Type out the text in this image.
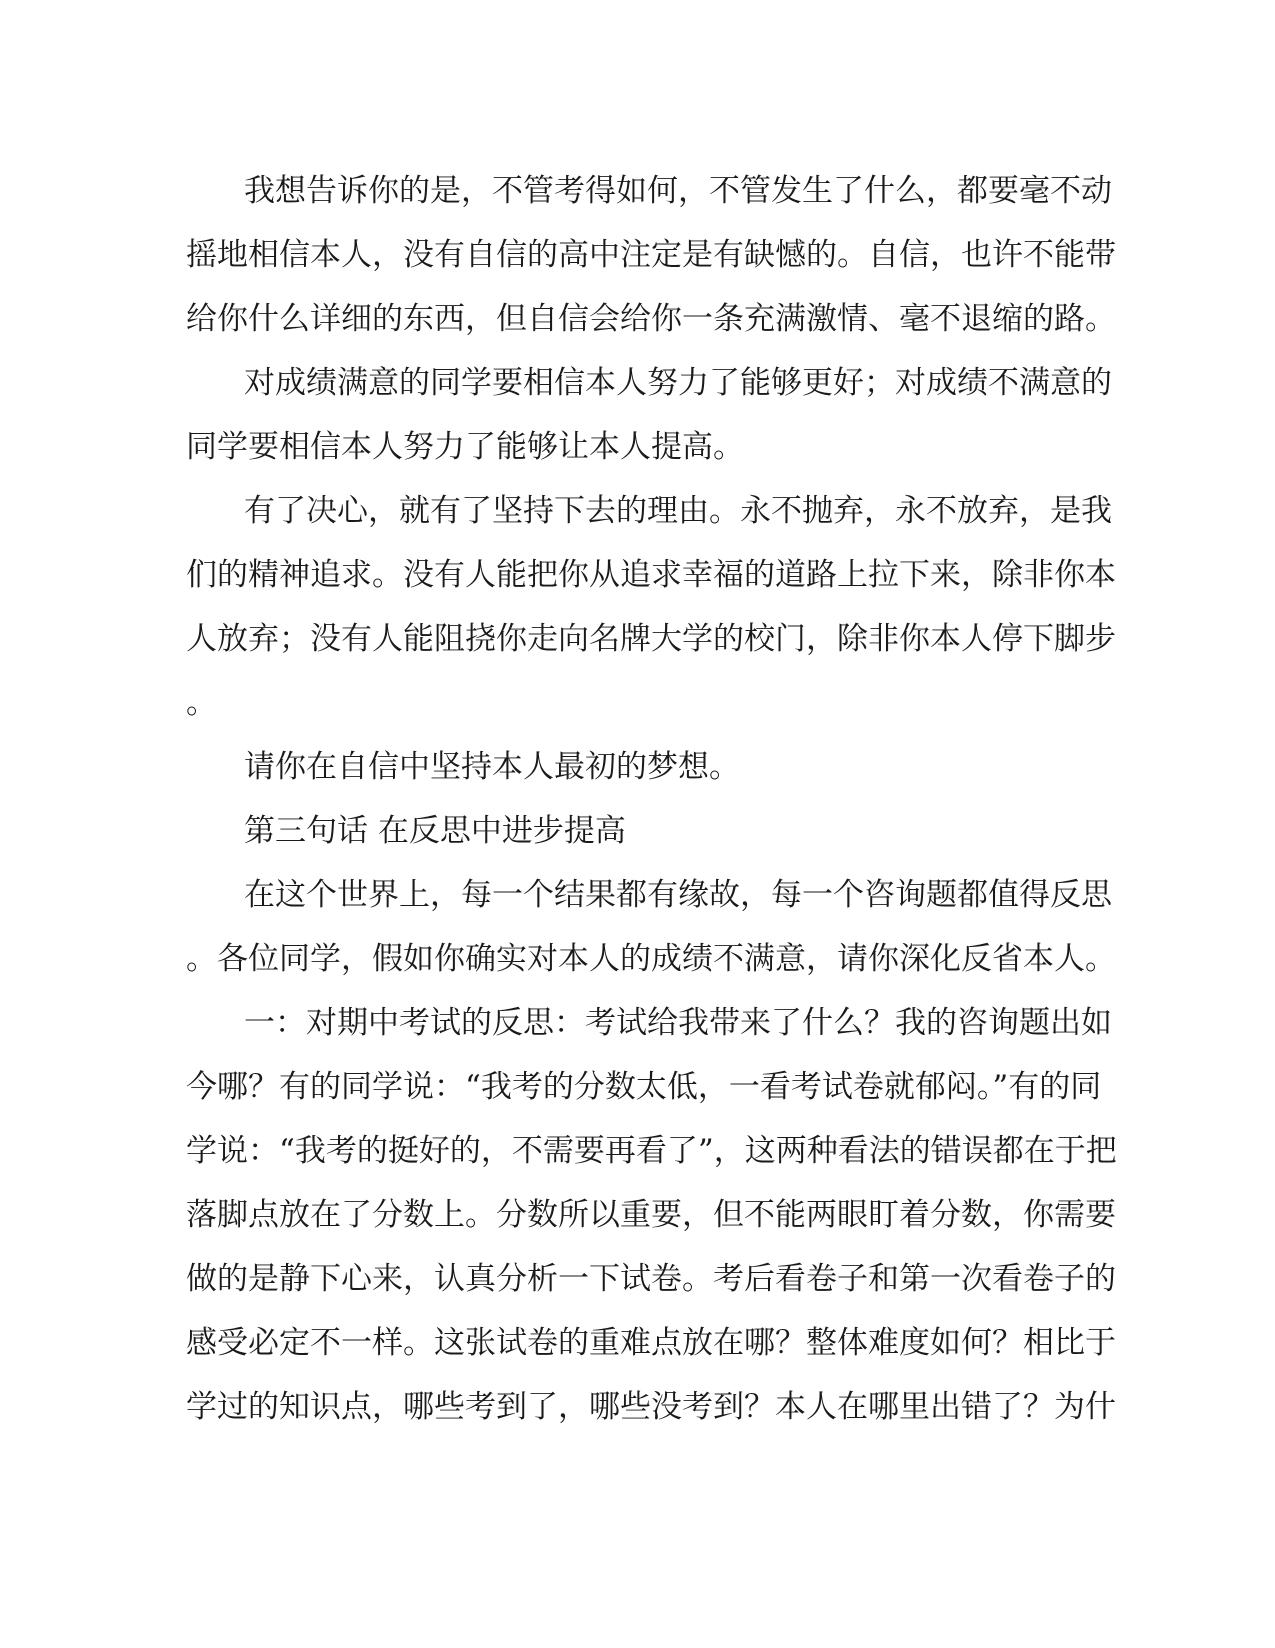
我想告诉你的是，不管考得如何，不管发生了什么，都要毫不动
摇地相信本人，没有自信的高中注定是有缺憾的。自信，也许不能带
给你什么详细的东西，但自信会给你一条充满激情、毫不退缩的路。
对成绩满意的同学要相信本人努力了能够更好；对成绩不满意的
同学要相信本人努力了能够让本人提高。
有了决心，就有了坚持下去的理由。永不抛弃，永不放弃，是我
们的精神追求。没有人能把你从追求幸福的道路上拉下来，除非你本
人放弃；没有人能阻挠你走向名牌大学的校门，除非你本人停下脚步
。
请你在自信中坚持本人最初的梦想。
第三句话 在反思中进步提高
在这个世界上，每一个结果都有缘故，每一个咨询题都值得反思
。各位同学，假如你确实对本人的成绩不满意，请你深化反省本人。
一：对期中考试的反思：考试给我带来了什么？我的咨询题出如
今哪？有的同学说：“我考的分数太低，一看考试卷就郁闷。”有的同
学说：“我考的挺好的，不需要再看了”，这两种看法的错误都在于把
落脚点放在了分数上。分数所以重要，但不能两眼盯着分数，你需要
做的是静下心来，认真分析一下试卷。考后看卷子和第一次看卷子的
感受必定不一样。这张试卷的重难点放在哪？整体难度如何？相比于
学过的知识点，哪些考到了，哪些没考到？本人在哪里出错了？为什
